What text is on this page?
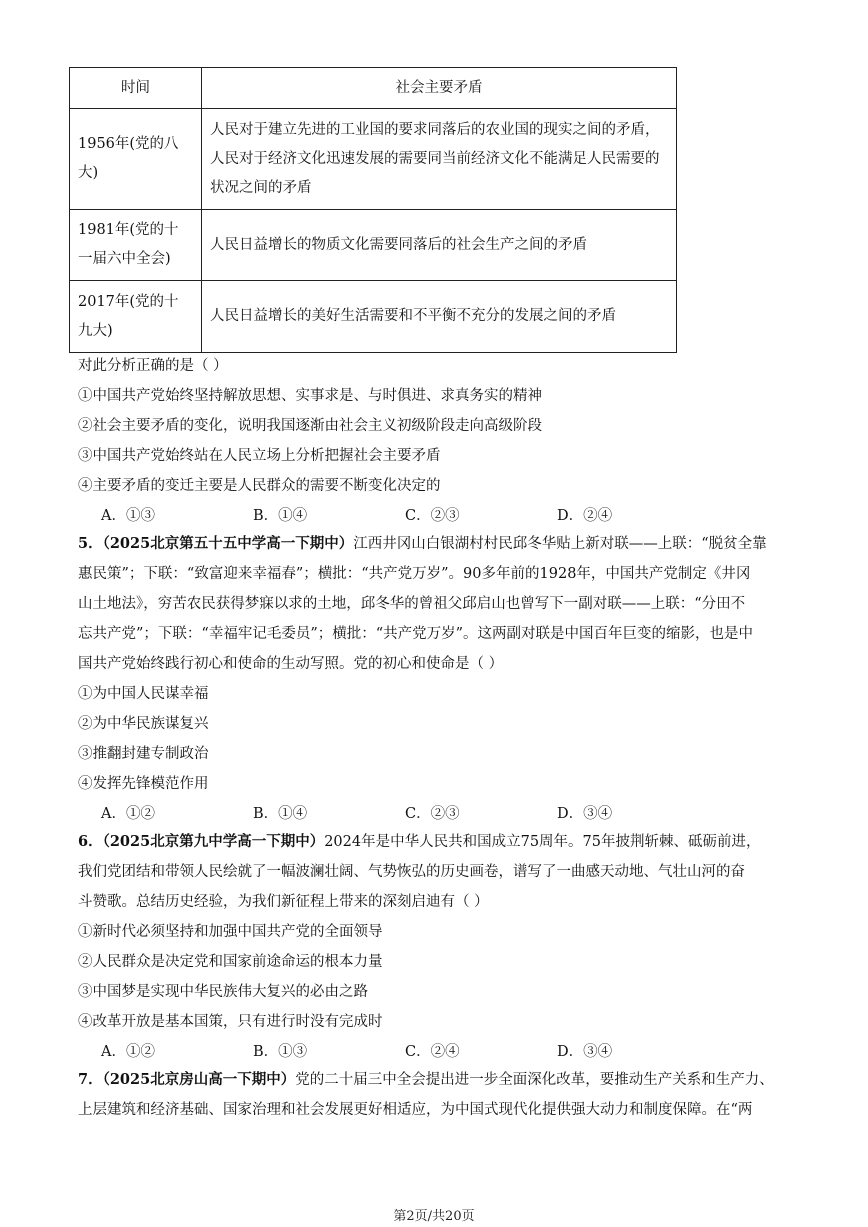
时间	社会主要矛盾
1956年(党的八大)	人民对于建立先进的工业国的要求同落后的农业国的现实之间的矛盾，人民对于经济文化迅速发展的需要同当前经济文化不能满足人民需要的状况之间的矛盾
1981年(党的十一届六中全会)	人民日益增长的物质文化需要同落后的社会生产之间的矛盾
2017年(党的十九大)	人民日益增长的美好生活需要和不平衡不充分的发展之间的矛盾
对此分析正确的是（ ）
①中国共产党始终坚持解放思想、实事求是、与时俱进、求真务实的精神
②社会主要矛盾的变化，说明我国逐渐由社会主义初级阶段走向高级阶段
③中国共产党始终站在人民立场上分析把握社会主要矛盾
④主要矛盾的变迁主要是人民群众的需要不断变化决定的
A．①③	B．①④	C．②③	D．②④
5．（2025北京第五十五中学高一下期中）江西井冈山白银湖村村民邱冬华贴上新对联——上联：“脱贫全靠
惠民策”；下联：“致富迎来幸福春”；横批：“共产党万岁”。90多年前的1928年，中国共产党制定《井冈
山土地法》，穷苦农民获得梦寐以求的土地，邱冬华的曾祖父邱启山也曾写下一副对联——上联：“分田不
忘共产党”；下联：“幸福牢记毛委员”；横批：“共产党万岁”。这两副对联是中国百年巨变的缩影，也是中
国共产党始终践行初心和使命的生动写照。党的初心和使命是（ ）
①为中国人民谋幸福
②为中华民族谋复兴
③推翻封建专制政治
④发挥先锋模范作用
A．①②	B．①④	C．②③	D．③④
6．（2025北京第九中学高一下期中）2024年是中华人民共和国成立75周年。75年披荆斩棘、砥砺前进，
我们党团结和带领人民绘就了一幅波澜壮阔、气势恢弘的历史画卷，谱写了一曲感天动地、气壮山河的奋
斗赞歌。总结历史经验，为我们新征程上带来的深刻启迪有（ ）
①新时代必须坚持和加强中国共产党的全面领导
②人民群众是决定党和国家前途命运的根本力量
③中国梦是实现中华民族伟大复兴的必由之路
④改革开放是基本国策，只有进行时没有完成时
A．①②	B．①③	C．②④	D．③④
7．（2025北京房山高一下期中）党的二十届三中全会提出进一步全面深化改革，要推动生产关系和生产力、
上层建筑和经济基础、国家治理和社会发展更好相适应，为中国式现代化提供强大动力和制度保障。在“两
第2页/共20页
